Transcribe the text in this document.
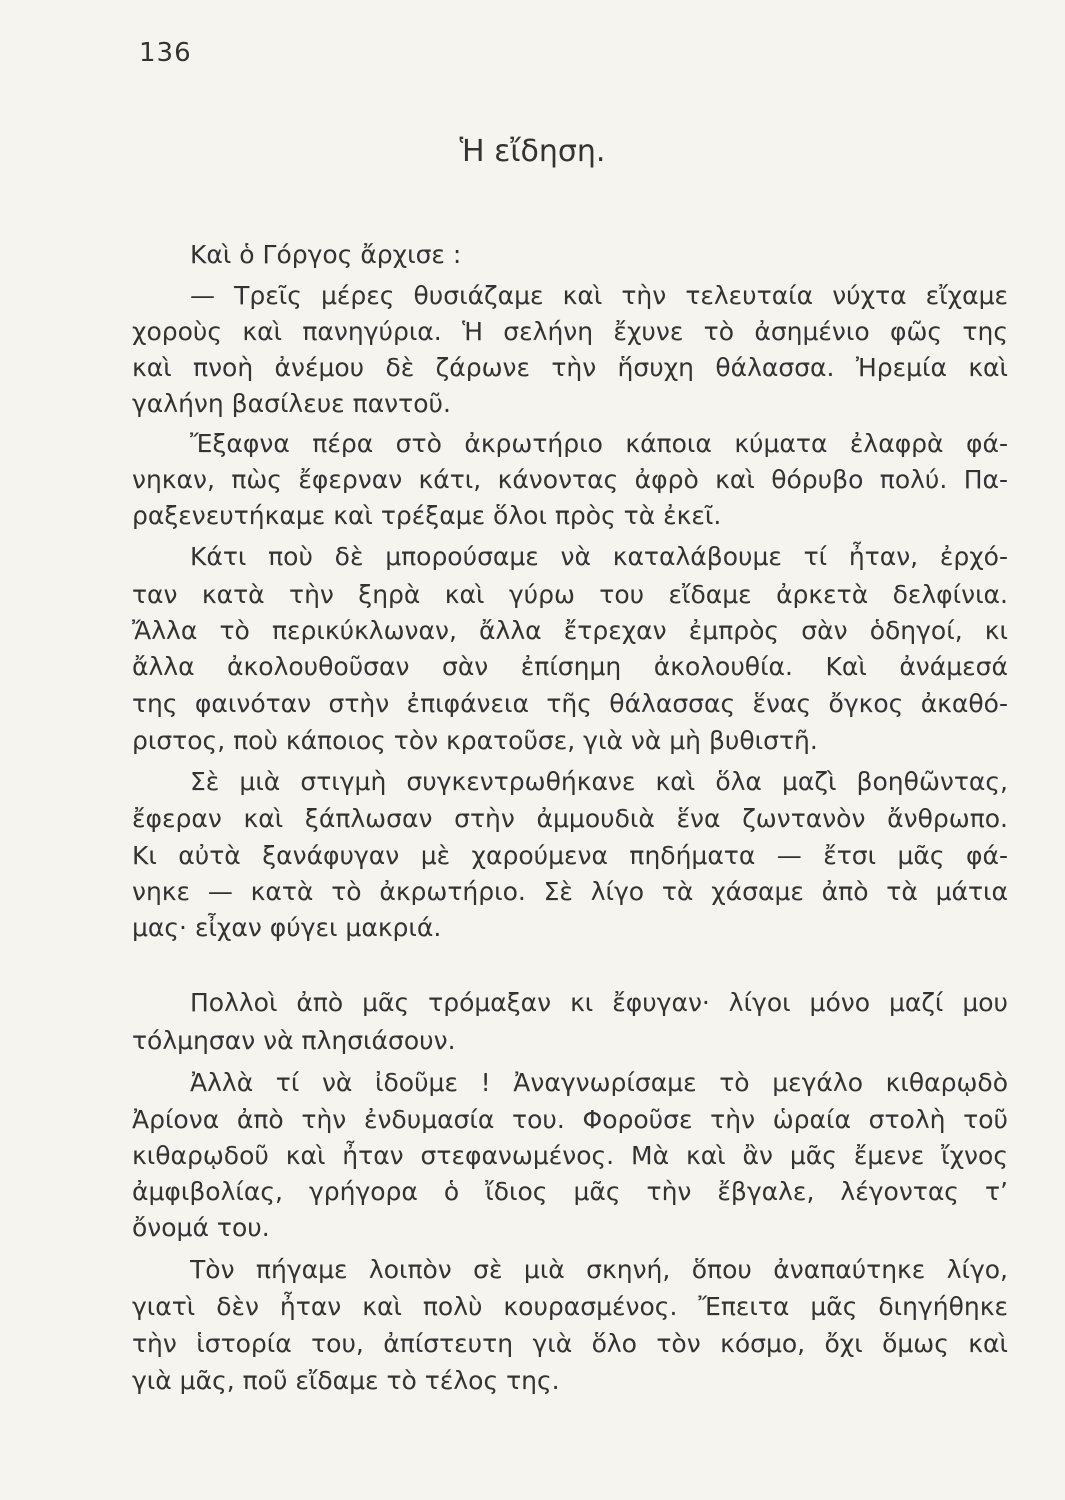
136
Ἡ εἴδηση.
Καὶ ὁ Γόργος ἄρχισε :
— Τρεῖς μέρες θυσιάζαμε καὶ τὴν τελευταία νύχτα εἴχαμε
χοροὺς καὶ πανηγύρια. Ἡ σελήνη ἔχυνε τὸ ἀσημένιο φῶς της
καὶ πνοὴ ἀνέμου δὲ ζάρωνε τὴν ἥσυχη θάλασσα. Ἠρεμία καὶ
γαλήνη βασίλευε παντοῦ.
Ἔξαφνα πέρα στὸ ἀκρωτήριο κάποια κύματα ἐλαφρὰ φά-
νηκαν, πὼς ἔφερναν κάτι, κάνοντας ἀφρὸ καὶ θόρυβο πολύ. Πα-
ραξενευτήκαμε καὶ τρέξαμε ὅλοι πρὸς τὰ ἐκεῖ.
Κάτι ποὺ δὲ μπορούσαμε νὰ καταλάβουμε τί ἦταν, ἐρχό-
ταν κατὰ τὴν ξηρὰ καὶ γύρω του εἴδαμε ἀρκετὰ δελφίνια.
Ἄλλα τὸ περικύκλωναν, ἄλλα ἔτρεχαν ἐμπρὸς σὰν ὁδηγοί, κι
ἄλλα ἀκολουθοῦσαν σὰν ἐπίσημη ἀκολουθία. Καὶ ἀνάμεσά
της φαινόταν στὴν ἐπιφάνεια τῆς θάλασσας ἕνας ὄγκος ἀκαθό-
ριστος, ποὺ κάποιος τὸν κρατοῦσε, γιὰ νὰ μὴ βυθιστῆ.
Σὲ μιὰ στιγμὴ συγκεντρωθήκανε καὶ ὅλα μαζὶ βοηθῶντας,
ἔφεραν καὶ ξάπλωσαν στὴν ἀμμουδιὰ ἕνα ζωντανὸν ἄνθρωπο.
Κι αὐτὰ ξανάφυγαν μὲ χαρούμενα πηδήματα — ἔτσι μᾶς φά-
νηκε — κατὰ τὸ ἀκρωτήριο. Σὲ λίγο τὰ χάσαμε ἀπὸ τὰ μάτια
μας· εἶχαν φύγει μακριά.
Πολλοὶ ἀπὸ μᾶς τρόμαξαν κι ἔφυγαν· λίγοι μόνο μαζί μου
τόλμησαν νὰ πλησιάσουν.
Ἀλλὰ τί νὰ ἰδοῦμε ! Ἀναγνωρίσαμε τὸ μεγάλο κιθαρῳδὸ
Ἀρίονα ἀπὸ τὴν ἐνδυμασία του. Φοροῦσε τὴν ὡραία στολὴ τοῦ
κιθαρῳδοῦ καὶ ἦταν στεφανωμένος. Μὰ καὶ ἂν μᾶς ἔμενε ἴχνος
ἀμφιβολίας, γρήγορα ὁ ἴδιος μᾶς τὴν ἔβγαλε, λέγοντας τ’
ὄνομά του.
Τὸν πήγαμε λοιπὸν σὲ μιὰ σκηνή, ὅπου ἀναπαύτηκε λίγο,
γιατὶ δὲν ἦταν καὶ πολὺ κουρασμένος. Ἔπειτα μᾶς διηγήθηκε
τὴν ἱστορία του, ἀπίστευτη γιὰ ὅλο τὸν κόσμο, ὄχι ὅμως καὶ
γιὰ μᾶς, ποῦ εἴδαμε τὸ τέλος της.
